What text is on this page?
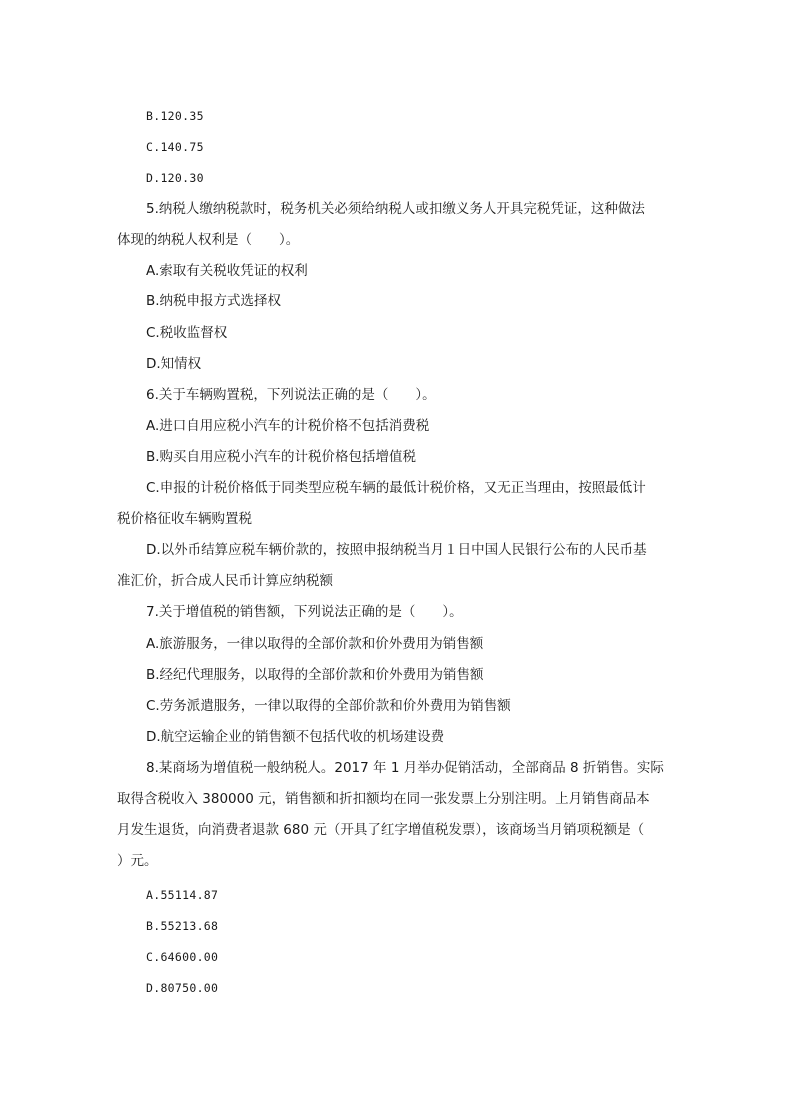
B.120.35
C.140.75
D.120.30
5.纳税人缴纳税款时，税务机关必须给纳税人或扣缴义务人开具完税凭证，这种做法
体现的纳税人权利是（　　）。
A.索取有关税收凭证的权利
B.纳税申报方式选择权
C.税收监督权
D.知情权
6.关于车辆购置税，下列说法正确的是（　　）。
A.进口自用应税小汽车的计税价格不包括消费税
B.购买自用应税小汽车的计税价格包括增值税
C.申报的计税价格低于同类型应税车辆的最低计税价格，又无正当理由，按照最低计
税价格征收车辆购置税
D.以外币结算应税车辆价款的，按照申报纳税当月１日中国人民银行公布的人民币基
准汇价，折合成人民币计算应纳税额
7.关于增值税的销售额，下列说法正确的是（　　）。
A.旅游服务，一律以取得的全部价款和价外费用为销售额
B.经纪代理服务，以取得的全部价款和价外费用为销售额
C.劳务派遣服务，一律以取得的全部价款和价外费用为销售额
D.航空运输企业的销售额不包括代收的机场建设费
8.某商场为增值税一般纳税人。2017 年 1 月举办促销活动，全部商品 8 折销售。实际
取得含税收入 380000 元，销售额和折扣额均在同一张发票上分别注明。上月销售商品本
月发生退货，向消费者退款 680 元（开具了红字增值税发票），该商场当月销项税额是（
）元。
A.55114.87
B.55213.68
C.64600.00
D.80750.00
